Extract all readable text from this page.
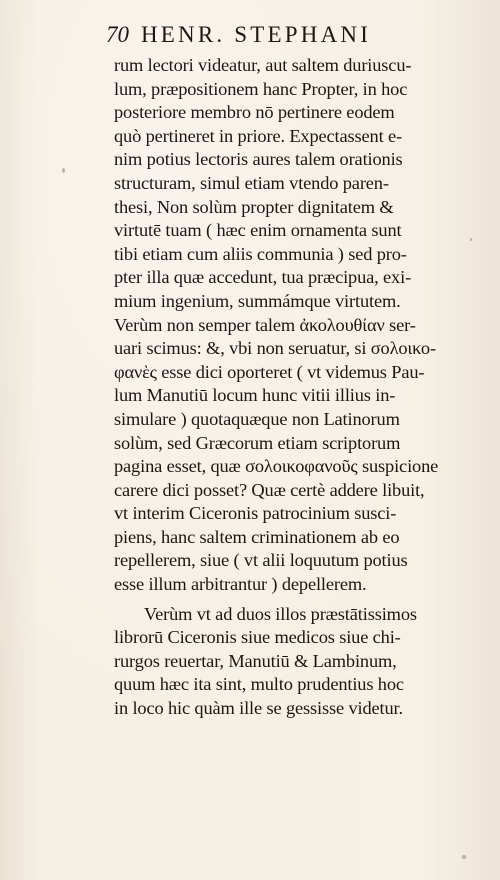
70 HENR. STEPHANI
rum lectori videatur, aut saltem duriuscu-
lum, præpositionem hanc Propter, in hoc
posteriore membro nō pertinere eodem
quò pertineret in priore. Expectassent e-
nim potius lectoris aures talem orationis
structuram, simul etiam vtendo paren-
thesi, Non solùm propter dignitatem &
virtutē tuam ( hæc enim ornamenta sunt
tibi etiam cum aliis communia ) sed pro-
pter illa quæ accedunt, tua præcipua, exi-
mium ingenium, summámque virtutem.
Verùm non semper talem ἀκολουθίαν ser-
uari scimus: &, vbi non seruatur, si σολοικο-
φανὲς esse dici oporteret ( vt videmus Pau-
lum Manutiū locum hunc vitii illius in-
simulare ) quotaquæque non Latinorum
solùm, sed Græcorum etiam scriptorum
pagina esset, quæ σολοικοφανοῦς suspicione
carere dici posset? Quæ certè addere libuit,
vt interim Ciceronis patrocinium susci-
piens, hanc saltem criminationem ab eo
repellerem, siue ( vt alii loquutum potius
esse illum arbitrantur ) depellerem.
Verùm vt ad duos illos præstātissimos
librorū Ciceronis siue medicos siue chi-
rurgos reuertar, Manutiū & Lambinum,
quum hæc ita sint, multo prudentius hoc
in loco hic quàm ille se gessisse videtur.
